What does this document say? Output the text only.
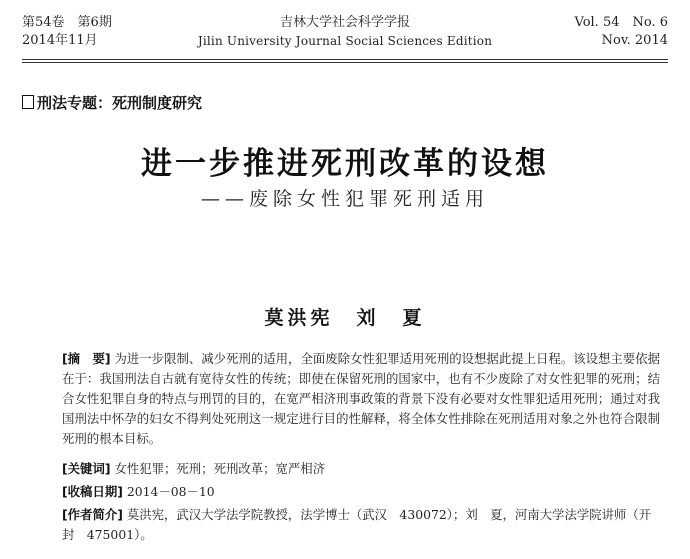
第54卷　第6期
2014年11月
吉林大学社会科学学报
Jilin University Journal Social Sciences Edition
Vol. 54　No. 6
Nov. 2014
刑法专题：死刑制度研究
进一步推进死刑改革的设想
——废除女性犯罪死刑适用
莫洪宪　刘　夏
[摘　要] 为进一步限制、减少死刑的适用，全面废除女性犯罪适用死刑的设想据此提上日程。该设想主要依据在于：我国刑法自古就有宽待女性的传统；即使在保留死刑的国家中，也有不少废除了对女性犯罪的死刑；结合女性犯罪自身的特点与刑罚的目的，在宽严相济刑事政策的背景下没有必要对女性罪犯适用死刑；通过对我国刑法中怀孕的妇女不得判处死刑这一规定进行目的性解释，将全体女性排除在死刑适用对象之外也符合限制死刑的根本目标。
[关键词] 女性犯罪；死刑；死刑改革；宽严相济
[收稿日期] 2014－08－10
[作者简介] 莫洪宪，武汉大学法学院教授，法学博士（武汉　430072）；刘　夏，河南大学法学院讲师（开封　475001）。
